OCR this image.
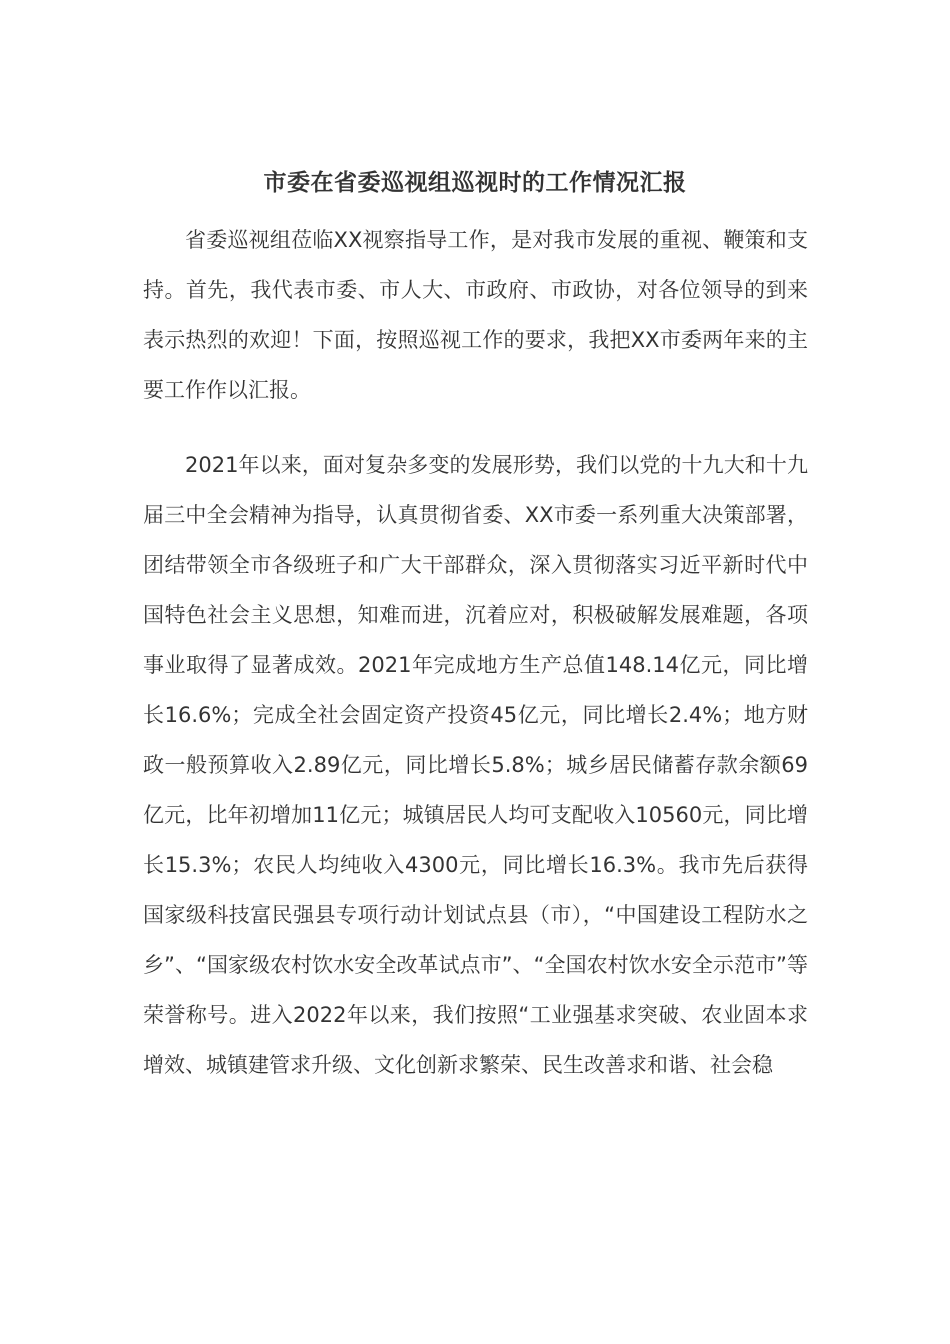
市委在省委巡视组巡视时的工作情况汇报

省委巡视组莅临XX视察指导工作，是对我市发展的重视、鞭策和支持。首先，我代表市委、市人大、市政府、市政协，对各位领导的到来表示热烈的欢迎！下面，按照巡视工作的要求，我把XX市委两年来的主要工作作以汇报。

2021年以来，面对复杂多变的发展形势，我们以党的十九大和十九届三中全会精神为指导，认真贯彻省委、XX市委一系列重大决策部署，团结带领全市各级班子和广大干部群众，深入贯彻落实习近平新时代中国特色社会主义思想，知难而进，沉着应对，积极破解发展难题，各项事业取得了显著成效。2021年完成地方生产总值148.14亿元，同比增长16.6%；完成全社会固定资产投资45亿元，同比增长2.4%；地方财政一般预算收入2.89亿元，同比增长5.8%；城乡居民储蓄存款余额69亿元，比年初增加11亿元；城镇居民人均可支配收入10560元，同比增长15.3%；农民人均纯收入4300元，同比增长16.3%。我市先后获得国家级科技富民强县专项行动计划试点县（市），“中国建设工程防水之乡”、“国家级农村饮水安全改革试点市”、“全国农村饮水安全示范市”等荣誉称号。进入2022年以来，我们按照“工业强基求突破、农业固本求增效、城镇建管求升级、文化创新求繁荣、民生改善求和谐、社会稳
